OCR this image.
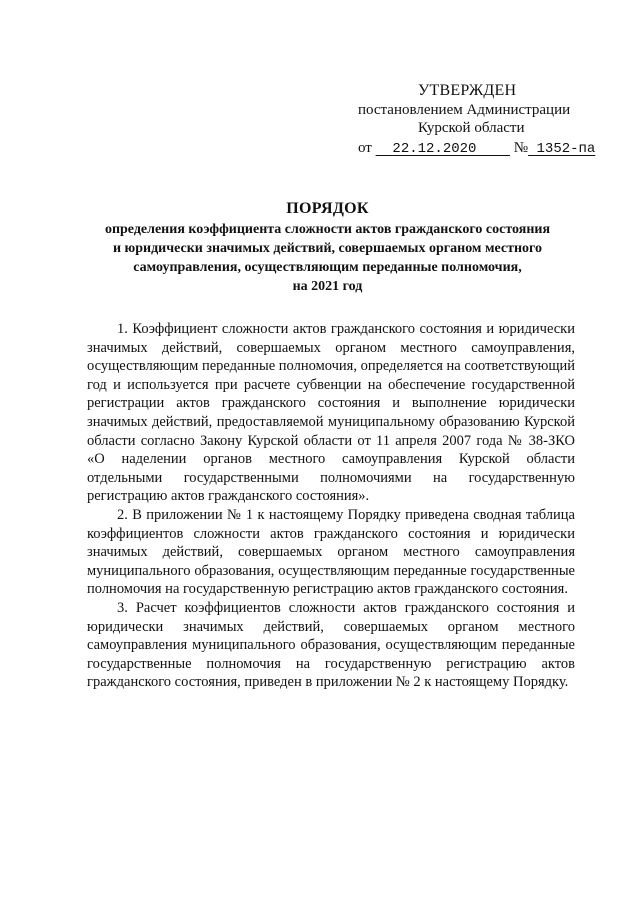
УТВЕРЖДЕН
постановлением Администрации
Курской области
от 22.12.2020 № 1352-па
ПОРЯДОК
определения коэффициента сложности актов гражданского состояния
и юридически значимых действий, совершаемых органом местного
самоуправления, осуществляющим переданные полномочия,
на 2021 год

1. Коэффициент сложности актов гражданского состояния и юридически значимых действий, совершаемых органом местного самоуправления, осуществляющим переданные полномочия, определяется на соответствующий год и используется при расчете субвенции на обеспечение государственной регистрации актов гражданского состояния и выполнение юридически значимых действий, предоставляемой муниципальному образованию Курской области согласно Закону Курской области от 11 апреля 2007 года № 38-ЗКО «О наделении органов местного самоуправления Курской области отдельными государственными полномочиями на государственную регистрацию актов гражданского состояния».

2. В приложении № 1 к настоящему Порядку приведена сводная таблица коэффициентов сложности актов гражданского состояния и юридически значимых действий, совершаемых органом местного самоуправления муниципального образования, осуществляющим переданные государственные полномочия на государственную регистрацию актов гражданского состояния.

3. Расчет коэффициентов сложности актов гражданского состояния и юридически значимых действий, совершаемых органом местного самоуправления муниципального образования, осуществляющим переданные государственные полномочия на государственную регистрацию актов гражданского состояния, приведен в приложении № 2 к настоящему Порядку.
